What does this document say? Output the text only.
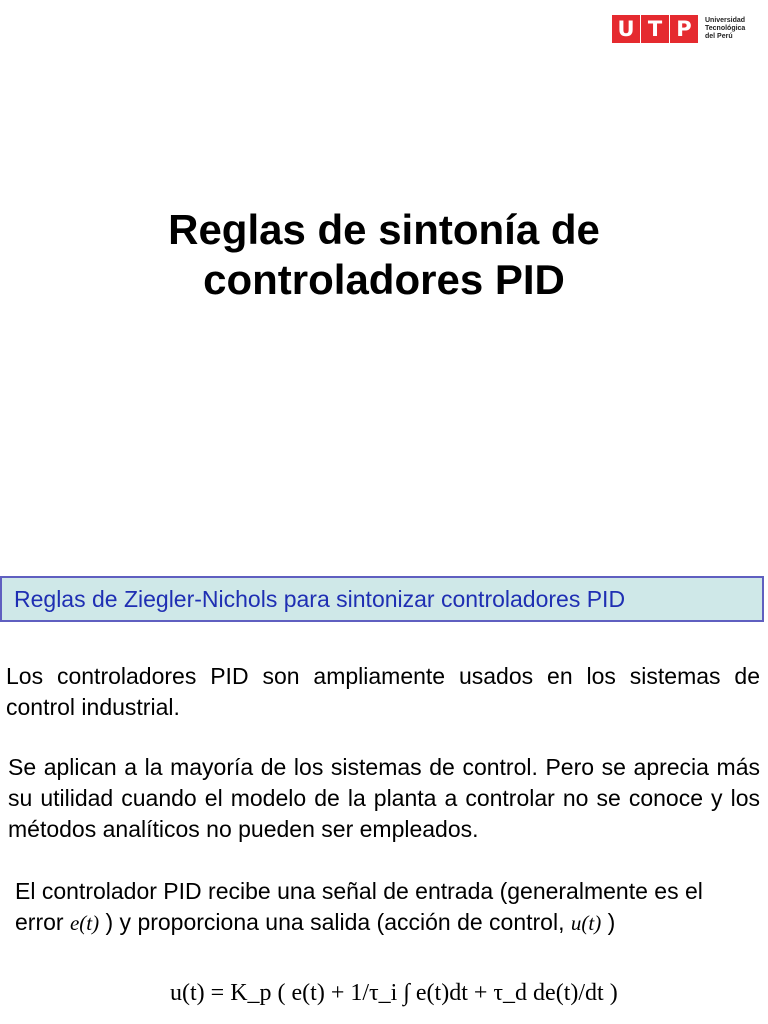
U T P	Universidad
Tecnológica
del Perú
Reglas de sintonía de
controladores PID
Reglas de Ziegler-Nichols para sintonizar controladores PID
Los controladores PID son ampliamente usados en los sistemas de control industrial.
Se aplican a la mayoría de los sistemas de control. Pero se aprecia más su utilidad cuando el modelo de la planta a controlar no se conoce y los métodos analíticos no pueden ser empleados.
El controlador PID recibe una señal de entrada (generalmente es el error e(t) ) y proporciona una salida (acción de control, u(t) )
u(t) = K_p ( e(t) + 1/τ_i ∫ e(t)dt + τ_d de(t)/dt )
